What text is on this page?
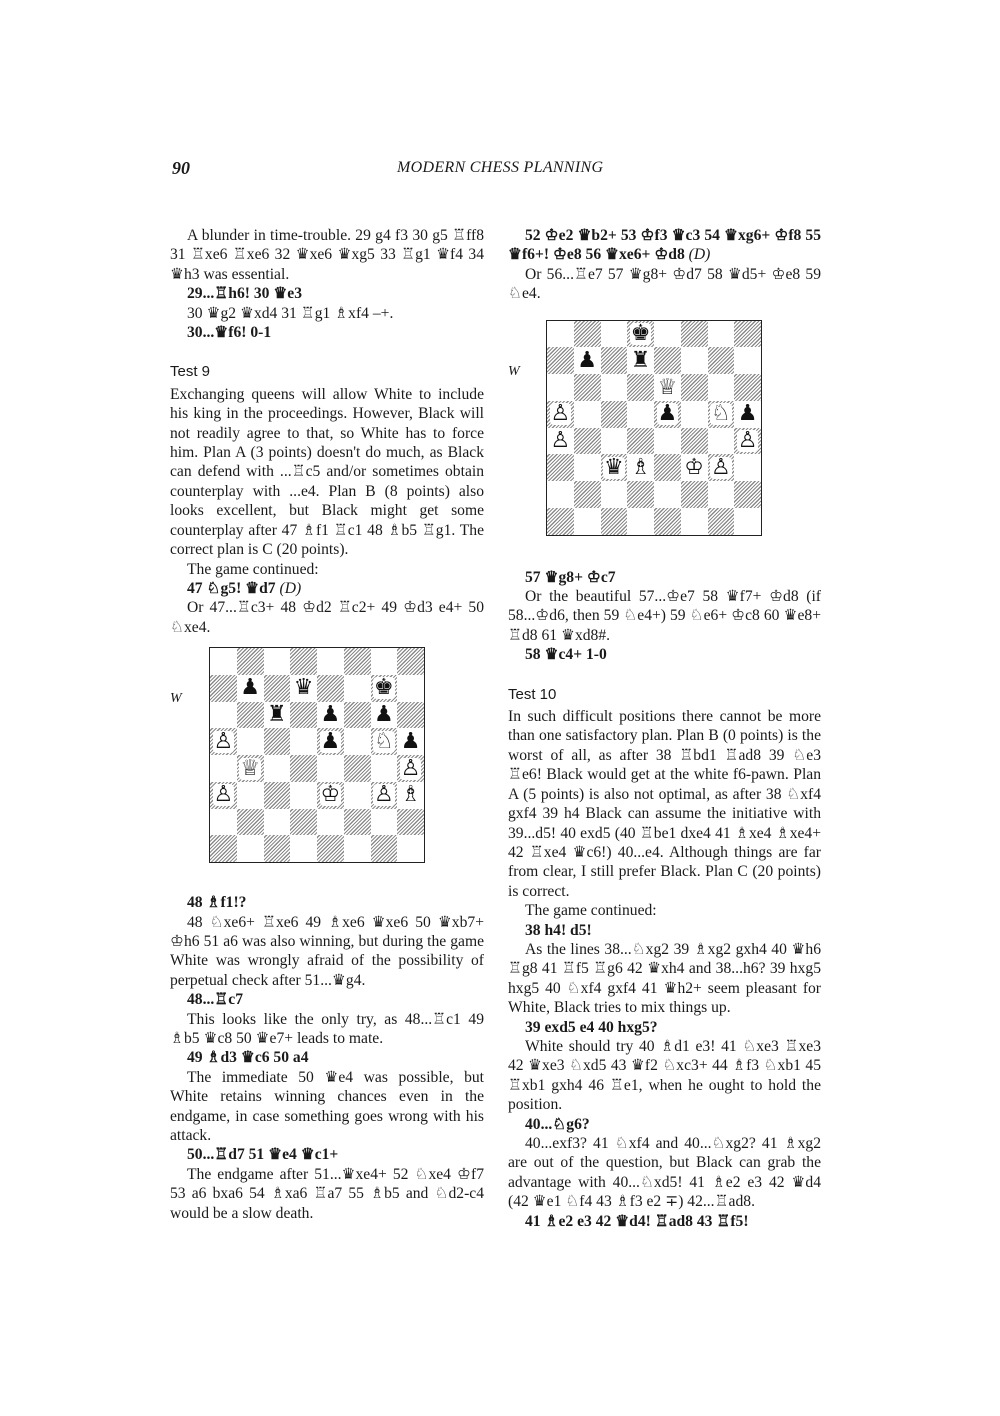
90	MODERN CHESS PLANNING

A blunder in time-trouble. 29 g4 f3 30 g5 ♖ff8 31 ♖xe6 ♖xe6 32 ♛xe6 ♛xg5 33 ♖g1 ♛f4 34 ♛h3 was essential.

29...♖h6! 30 ♛e3

30 ♛g2 ♛xd4 31 ♖g1 ♗xf4 –+.

30...♛f6! 0-1

Test 9

Exchanging queens will allow White to include his king in the proceedings. However, Black will not readily agree to that, so White has to force him. Plan A (3 points) doesn't do much, as Black can defend with ...♖c5 and/or sometimes obtain counterplay with ...e4. Plan B (8 points) also looks excellent, but Black might get some counterplay after 47 ♗f1 ♖c1 48 ♗b5 ♖g1. The correct plan is C (20 points).

The game continued:

47 ♘g5! ♛d7 (D)

Or 47...♖c3+ 48 ♔d2 ♖c2+ 49 ♔d3 e4+ 50 ♘xe4.

W	♟ ♛	♚
♜ ♟ ♟
♙	♟ ♘ ♟
♕	♙
♙	♔ ♙ ♗

48 ♗f1!?

48 ♘xe6+ ♖xe6 49 ♗xe6 ♛xe6 50 ♛xb7+ ♔h6 51 a6 was also winning, but during the game White was wrongly afraid of the possibility of perpetual check after 51...♛g4.

48...♖c7

This looks like the only try, as 48...♖c1 49 ♗b5 ♛c8 50 ♛e7+ leads to mate.

49 ♗d3 ♛c6 50 a4

The immediate 50 ♛e4 was possible, but White retains winning chances even in the endgame, in case something goes wrong with his attack.

50...♖d7 51 ♛e4 ♛c1+

The endgame after 51...♛xe4+ 52 ♘xe4 ♔f7 53 a6 bxa6 54 ♗xa6 ♖a7 55 ♗b5 and ♘d2-c4 would be a slow death.

52 ♔e2 ♛b2+ 53 ♔f3 ♛c3 54 ♛xg6+ ♔f8 55 ♛f6+! ♔e8 56 ♛xe6+ ♔d8 (D)

Or 56...♖e7 57 ♛g8+ ♔d7 58 ♛d5+ ♔e8 59 ♘e4.

W
♚
♟ ♜
♕
♙	♟ ♘ ♟
♙	♙
♛ ♗ ♔ ♙

57 ♛g8+ ♔c7

Or the beautiful 57...♔e7 58 ♛f7+ ♔d8 (if 58...♔d6, then 59 ♘e4+) 59 ♘e6+ ♔c8 60 ♛e8+ ♖d8 61 ♛xd8#.

58 ♛c4+ 1-0

Test 10

In such difficult positions there cannot be more than one satisfactory plan. Plan B (0 points) is the worst of all, as after 38 ♖bd1 ♖ad8 39 ♘e3 ♖e6! Black would get at the white f6-pawn. Plan A (5 points) is also not optimal, as after 38 ♘xf4 gxf4 39 h4 Black can assume the initiative with 39...d5! 40 exd5 (40 ♖be1 dxe4 41 ♗xe4 ♗xe4+ 42 ♖xe4 ♛c6!) 40...e4. Although things are far from clear, I still prefer Black. Plan C (20 points) is correct.

The game continued:

38 h4! d5!

As the lines 38...♘xg2 39 ♗xg2 gxh4 40 ♛h6 ♖g8 41 ♖f5 ♖g6 42 ♛xh4 and 38...h6? 39 hxg5 hxg5 40 ♘xf4 gxf4 41 ♛h2+ seem pleasant for White, Black tries to mix things up.

39 exd5 e4 40 hxg5?

White should try 40 ♗d1 e3! 41 ♘xe3 ♖xe3 42 ♛xe3 ♘xd5 43 ♛f2 ♘xc3+ 44 ♗f3 ♘xb1 45 ♖xb1 gxh4 46 ♖e1, when he ought to hold the position.

40...♘g6?

40...exf3? 41 ♘xf4 and 40...♘xg2? 41 ♗xg2 are out of the question, but Black can grab the advantage with 40...♘xd5! 41 ♗e2 e3 42 ♛d4 (42 ♛e1 ♘f4 43 ♗f3 e2 ∓) 42...♖ad8.

41 ♗e2 e3 42 ♛d4! ♖ad8 43 ♖f5!
